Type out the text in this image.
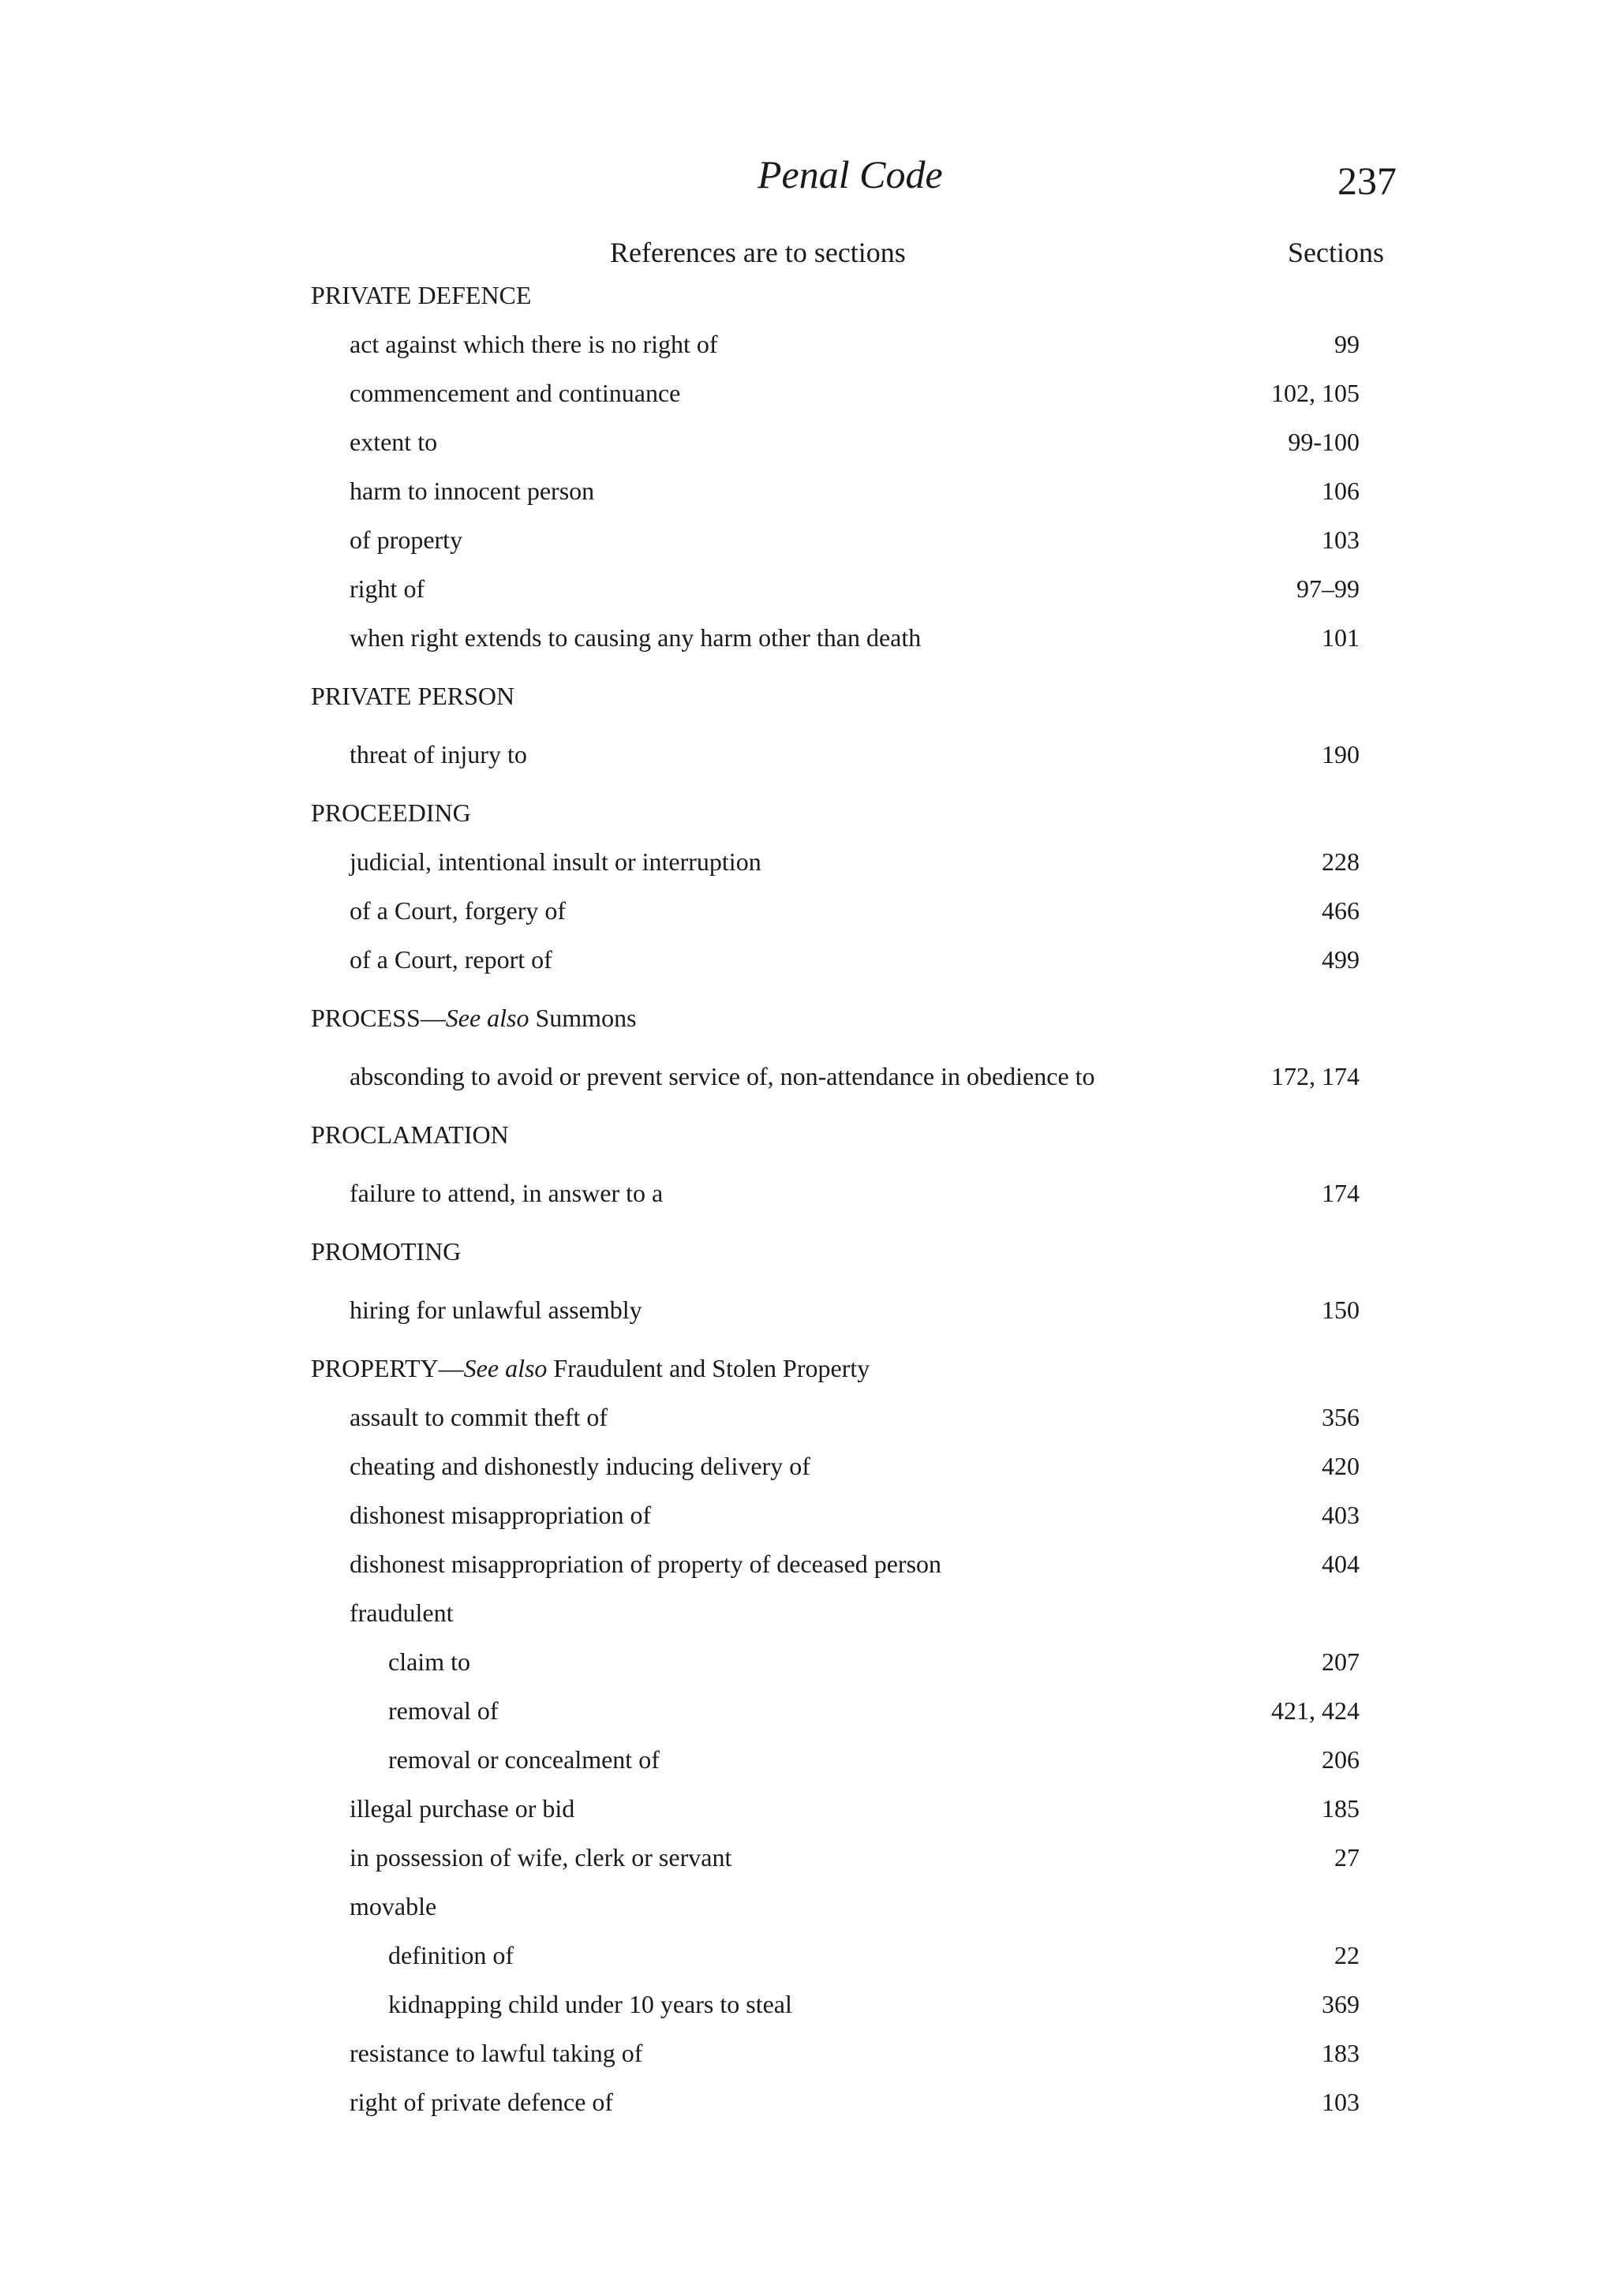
Penal Code	237
References are to sections	Sections
PRIVATE DEFENCE
act against which there is no right of	99
commencement and continuance	102, 105
extent to	99-100
harm to innocent person	106
of property	103
right of	97–99
when right extends to causing any harm other than death	101
PRIVATE PERSON
threat of injury to	190
PROCEEDING
judicial, intentional insult or interruption	228
of a Court, forgery of	466
of a Court, report of	499
PROCESS—See also Summons
absconding to avoid or prevent service of, non-attendance in obedience to	172, 174
PROCLAMATION
failure to attend, in answer to a	174
PROMOTING
hiring for unlawful assembly	150
PROPERTY—See also Fraudulent and Stolen Property
assault to commit theft of	356
cheating and dishonestly inducing delivery of	420
dishonest misappropriation of	403
dishonest misappropriation of property of deceased person	404
fraudulent
claim to	207
removal of	421, 424
removal or concealment of	206
illegal purchase or bid	185
in possession of wife, clerk or servant	27
movable
definition of	22
kidnapping child under 10 years to steal	369
resistance to lawful taking of	183
right of private defence of	103
